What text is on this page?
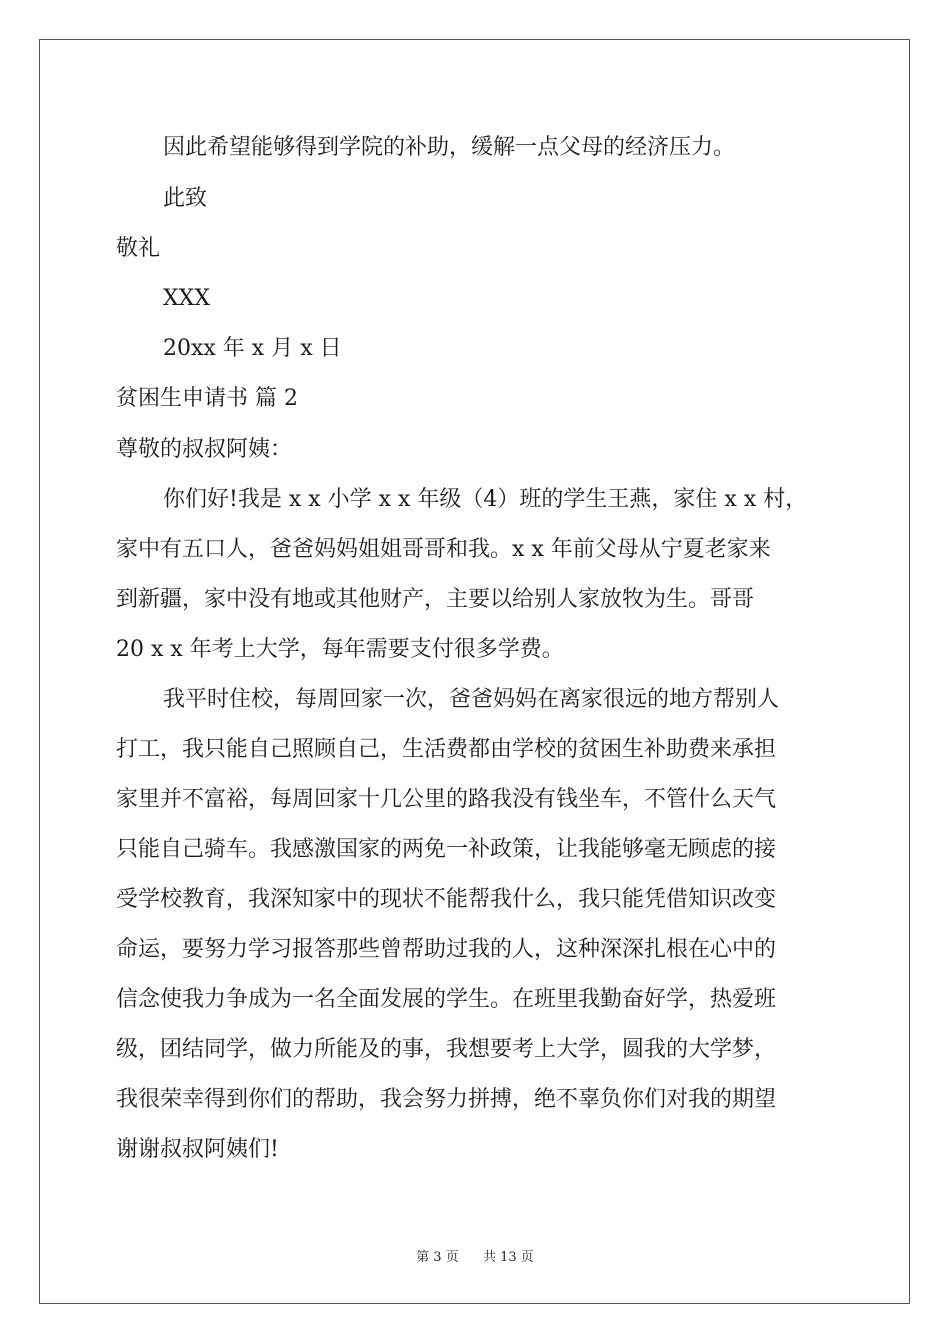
因此希望能够得到学院的补助，缓解一点父母的经济压力。
此致
敬礼
XXX
20xx 年 x 月 x 日
贫困生申请书 篇 2
尊敬的叔叔阿姨：
你们好!我是 x x 小学 x x 年级（4）班的学生王燕，家住 x x 村，
家中有五口人，爸爸妈妈姐姐哥哥和我。x x 年前父母从宁夏老家来
到新疆，家中没有地或其他财产，主要以给别人家放牧为生。哥哥
20 x x 年考上大学，每年需要支付很多学费。
我平时住校，每周回家一次，爸爸妈妈在离家很远的地方帮别人
打工，我只能自己照顾自己，生活费都由学校的贫困生补助费来承担
家里并不富裕，每周回家十几公里的路我没有钱坐车，不管什么天气
只能自己骑车。我感激国家的两免一补政策，让我能够毫无顾虑的接
受学校教育，我深知家中的现状不能帮我什么，我只能凭借知识改变
命运，要努力学习报答那些曾帮助过我的人，这种深深扎根在心中的
信念使我力争成为一名全面发展的学生。在班里我勤奋好学，热爱班
级，团结同学，做力所能及的事，我想要考上大学，圆我的大学梦，
我很荣幸得到你们的帮助，我会努力拼搏，绝不辜负你们对我的期望
谢谢叔叔阿姨们!
第 3 页 共 13 页
